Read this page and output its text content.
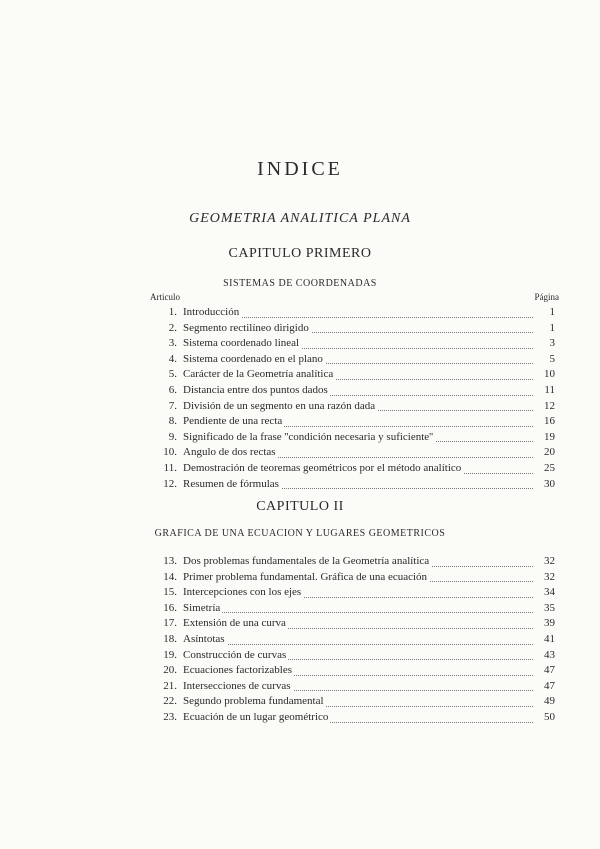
INDICE
GEOMETRIA ANALITICA PLANA
CAPITULO PRIMERO
SISTEMAS DE COORDENADAS
Articulo	Página
1. Introducción	1
2. Segmento rectilíneo dirigido	1
3. Sistema coordenado lineal	3
4. Sistema coordenado en el plano	5
5. Carácter de la Geometría analítica	10
6. Distancia entre dos puntos dados	11
7. División de un segmento en una razón dada	12
8. Pendiente de una recta	16
9. Significado de la frase ''condición necesaria y suficiente''	19
10. Angulo de dos rectas	20
11. Demostración de teoremas geométricos por el método analítico	25
12. Resumen de fórmulas	30
CAPITULO II
GRAFICA DE UNA ECUACION Y LUGARES GEOMETRICOS
13. Dos problemas fundamentales de la Geometría analítica	32
14. Primer problema fundamental. Gráfica de una ecuación	32
15. Intercepciones con los ejes	34
16. Simetría	35
17. Extensión de una curva	39
18. Asíntotas	41
19. Construcción de curvas	43
20. Ecuaciones factorizables	47
21. Intersecciones de curvas	47
22. Segundo problema fundamental	49
23. Ecuación de un lugar geométrico	50
